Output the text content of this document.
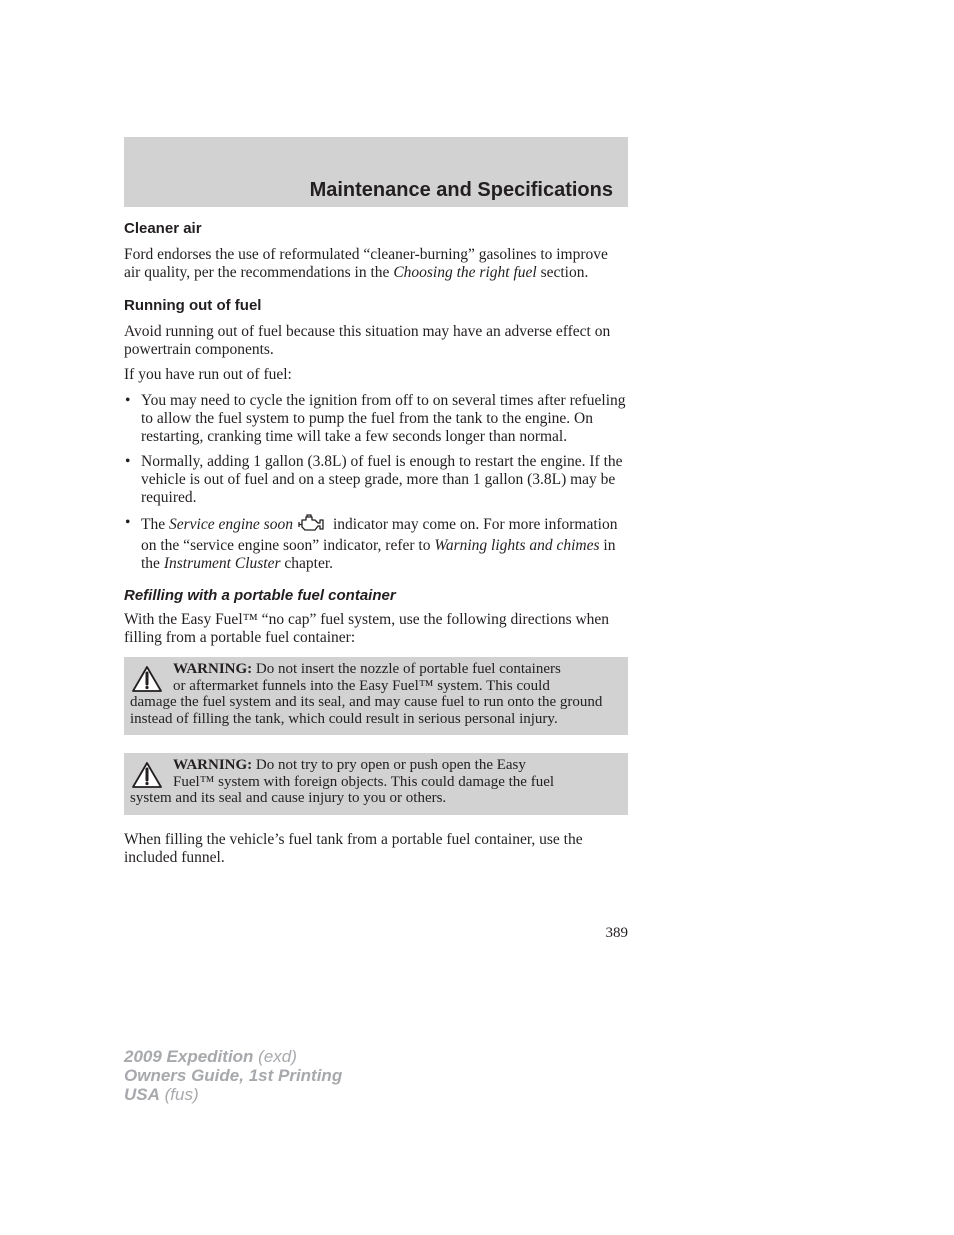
Maintenance and Specifications
Cleaner air

Ford endorses the use of reformulated “cleaner-burning” gasolines to improve air quality, per the recommendations in the Choosing the right fuel section.

Running out of fuel

Avoid running out of fuel because this situation may have an adverse effect on powertrain components.

If you have run out of fuel:

• You may need to cycle the ignition from off to on several times after refueling to allow the fuel system to pump the fuel from the tank to the engine. On restarting, cranking time will take a few seconds longer than normal.
• Normally, adding 1 gallon (3.8L) of fuel is enough to restart the engine. If the vehicle is out of fuel and on a steep grade, more than 1 gallon (3.8L) may be required.
• The Service engine soon	indicator may come on. For more information on the “service engine soon” indicator, refer to Warning lights and chimes in the Instrument Cluster chapter.
Refilling with a portable fuel container

With the Easy Fuel™ “no cap” fuel system, use the following directions when filling from a portable fuel container:

WARNING: Do not insert the nozzle of portable fuel containers
or aftermarket funnels into the Easy Fuel™ system. This could
damage the fuel system and its seal, and may cause fuel to run onto the ground instead of filling the tank, which could result in serious personal injury.
WARNING: Do not try to pry open or push open the Easy
Fuel™ system with foreign objects. This could damage the fuel
system and its seal and cause injury to you or others.

When filling the vehicle’s fuel tank from a portable fuel container, use the included funnel.

389
2009 Expedition (exd)
Owners Guide, 1st Printing
USA (fus)
